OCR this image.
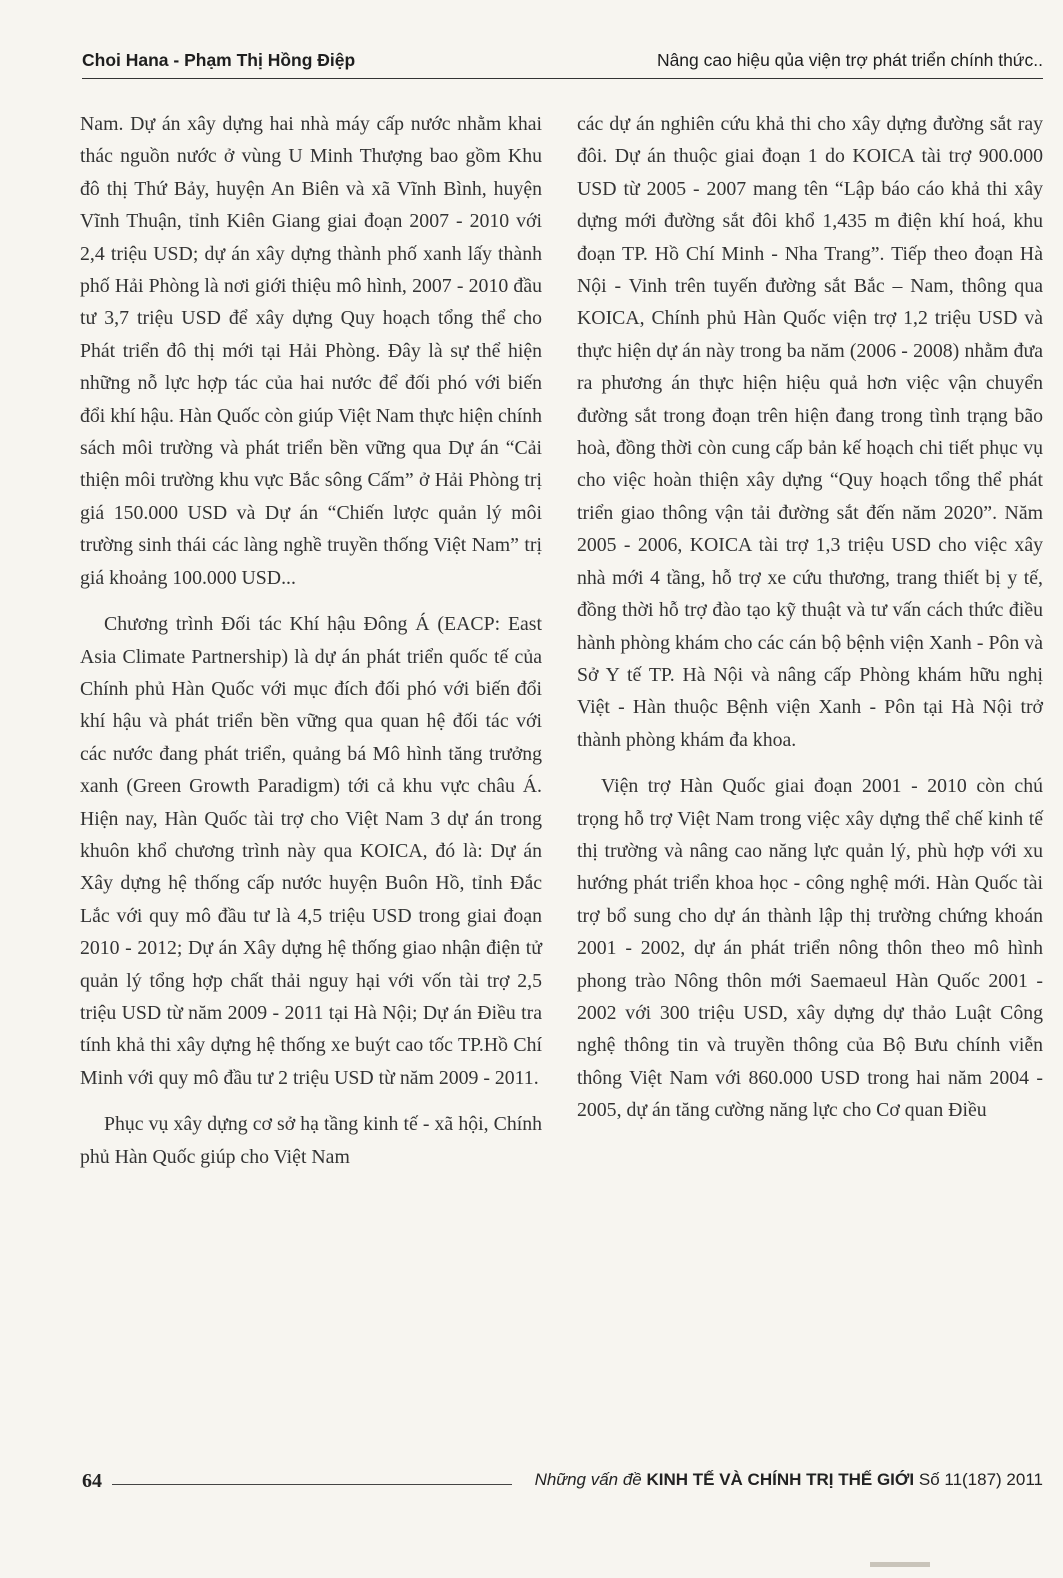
Choi Hana - Phạm Thị Hồng Điệp	Nâng cao hiệu qủa viện trợ phát triển chính thức..

Nam. Dự án xây dựng hai nhà máy cấp nước nhằm khai thác nguồn nước ở vùng U Minh Thượng bao gồm Khu đô thị Thứ Bảy, huyện An Biên và xã Vĩnh Bình, huyện Vĩnh Thuận, tỉnh Kiên Giang giai đoạn 2007 - 2010 với 2,4 triệu USD; dự án xây dựng thành phố xanh lấy thành phố Hải Phòng là nơi giới thiệu mô hình, 2007 - 2010 đầu tư 3,7 triệu USD để xây dựng Quy hoạch tổng thể cho Phát triển đô thị mới tại Hải Phòng. Đây là sự thể hiện những nỗ lực hợp tác của hai nước để đối phó với biến đổi khí hậu. Hàn Quốc còn giúp Việt Nam thực hiện chính sách môi trường và phát triển bền vững qua Dự án “Cải thiện môi trường khu vực Bắc sông Cấm” ở Hải Phòng trị giá 150.000 USD và Dự án “Chiến lược quản lý môi trường sinh thái các làng nghề truyền thống Việt Nam” trị giá khoảng 100.000 USD...

Chương trình Đối tác Khí hậu Đông Á (EACP: East Asia Climate Partnership) là dự án phát triển quốc tế của Chính phủ Hàn Quốc với mục đích đối phó với biến đổi khí hậu và phát triển bền vững qua quan hệ đối tác với các nước đang phát triển, quảng bá Mô hình tăng trưởng xanh (Green Growth Paradigm) tới cả khu vực châu Á. Hiện nay, Hàn Quốc tài trợ cho Việt Nam 3 dự án trong khuôn khổ chương trình này qua KOICA, đó là: Dự án Xây dựng hệ thống cấp nước huyện Buôn Hồ, tỉnh Đắc Lắc với quy mô đầu tư là 4,5 triệu USD trong giai đoạn 2010 - 2012; Dự án Xây dựng hệ thống giao nhận điện tử quản lý tổng hợp chất thải nguy hại với vốn tài trợ 2,5 triệu USD từ năm 2009 - 2011 tại Hà Nội; Dự án Điều tra tính khả thi xây dựng hệ thống xe buýt cao tốc TP.Hồ Chí Minh với quy mô đầu tư 2 triệu USD từ năm 2009 - 2011.

Phục vụ xây dựng cơ sở hạ tầng kinh tế - xã hội, Chính phủ Hàn Quốc giúp cho Việt Nam

các dự án nghiên cứu khả thi cho xây dựng đường sắt ray đôi. Dự án thuộc giai đoạn 1 do KOICA tài trợ 900.000 USD từ 2005 - 2007 mang tên “Lập báo cáo khả thi xây dựng mới đường sắt đôi khổ 1,435 m điện khí hoá, khu đoạn TP. Hồ Chí Minh - Nha Trang”. Tiếp theo đoạn Hà Nội - Vinh trên tuyến đường sắt Bắc – Nam, thông qua KOICA, Chính phủ Hàn Quốc viện trợ 1,2 triệu USD và thực hiện dự án này trong ba năm (2006 - 2008) nhằm đưa ra phương án thực hiện hiệu quả hơn việc vận chuyển đường sắt trong đoạn trên hiện đang trong tình trạng bão hoà, đồng thời còn cung cấp bản kế hoạch chi tiết phục vụ cho việc hoàn thiện xây dựng “Quy hoạch tổng thể phát triển giao thông vận tải đường sắt đến năm 2020”. Năm 2005 - 2006, KOICA tài trợ 1,3 triệu USD cho việc xây nhà mới 4 tầng, hỗ trợ xe cứu thương, trang thiết bị y tế, đồng thời hỗ trợ đào tạo kỹ thuật và tư vấn cách thức điều hành phòng khám cho các cán bộ bệnh viện Xanh - Pôn và Sở Y tế TP. Hà Nội và nâng cấp Phòng khám hữu nghị Việt - Hàn thuộc Bệnh viện Xanh - Pôn tại Hà Nội trở thành phòng khám đa khoa.

Viện trợ Hàn Quốc giai đoạn 2001 - 2010 còn chú trọng hỗ trợ Việt Nam trong việc xây dựng thể chế kinh tế thị trường và nâng cao năng lực quản lý, phù hợp với xu hướng phát triển khoa học - công nghệ mới. Hàn Quốc tài trợ bổ sung cho dự án thành lập thị trường chứng khoán 2001 - 2002, dự án phát triển nông thôn theo mô hình phong trào Nông thôn mới Saemaeul Hàn Quốc 2001 - 2002 với 300 triệu USD, xây dựng dự thảo Luật Công nghệ thông tin và truyền thông của Bộ Bưu chính viễn thông Việt Nam với 860.000 USD trong hai năm 2004 - 2005, dự án tăng cường năng lực cho Cơ quan Điều

64	Những vấn đề KINH TẾ VÀ CHÍNH TRỊ THẾ GIỚI Số 11(187) 2011
